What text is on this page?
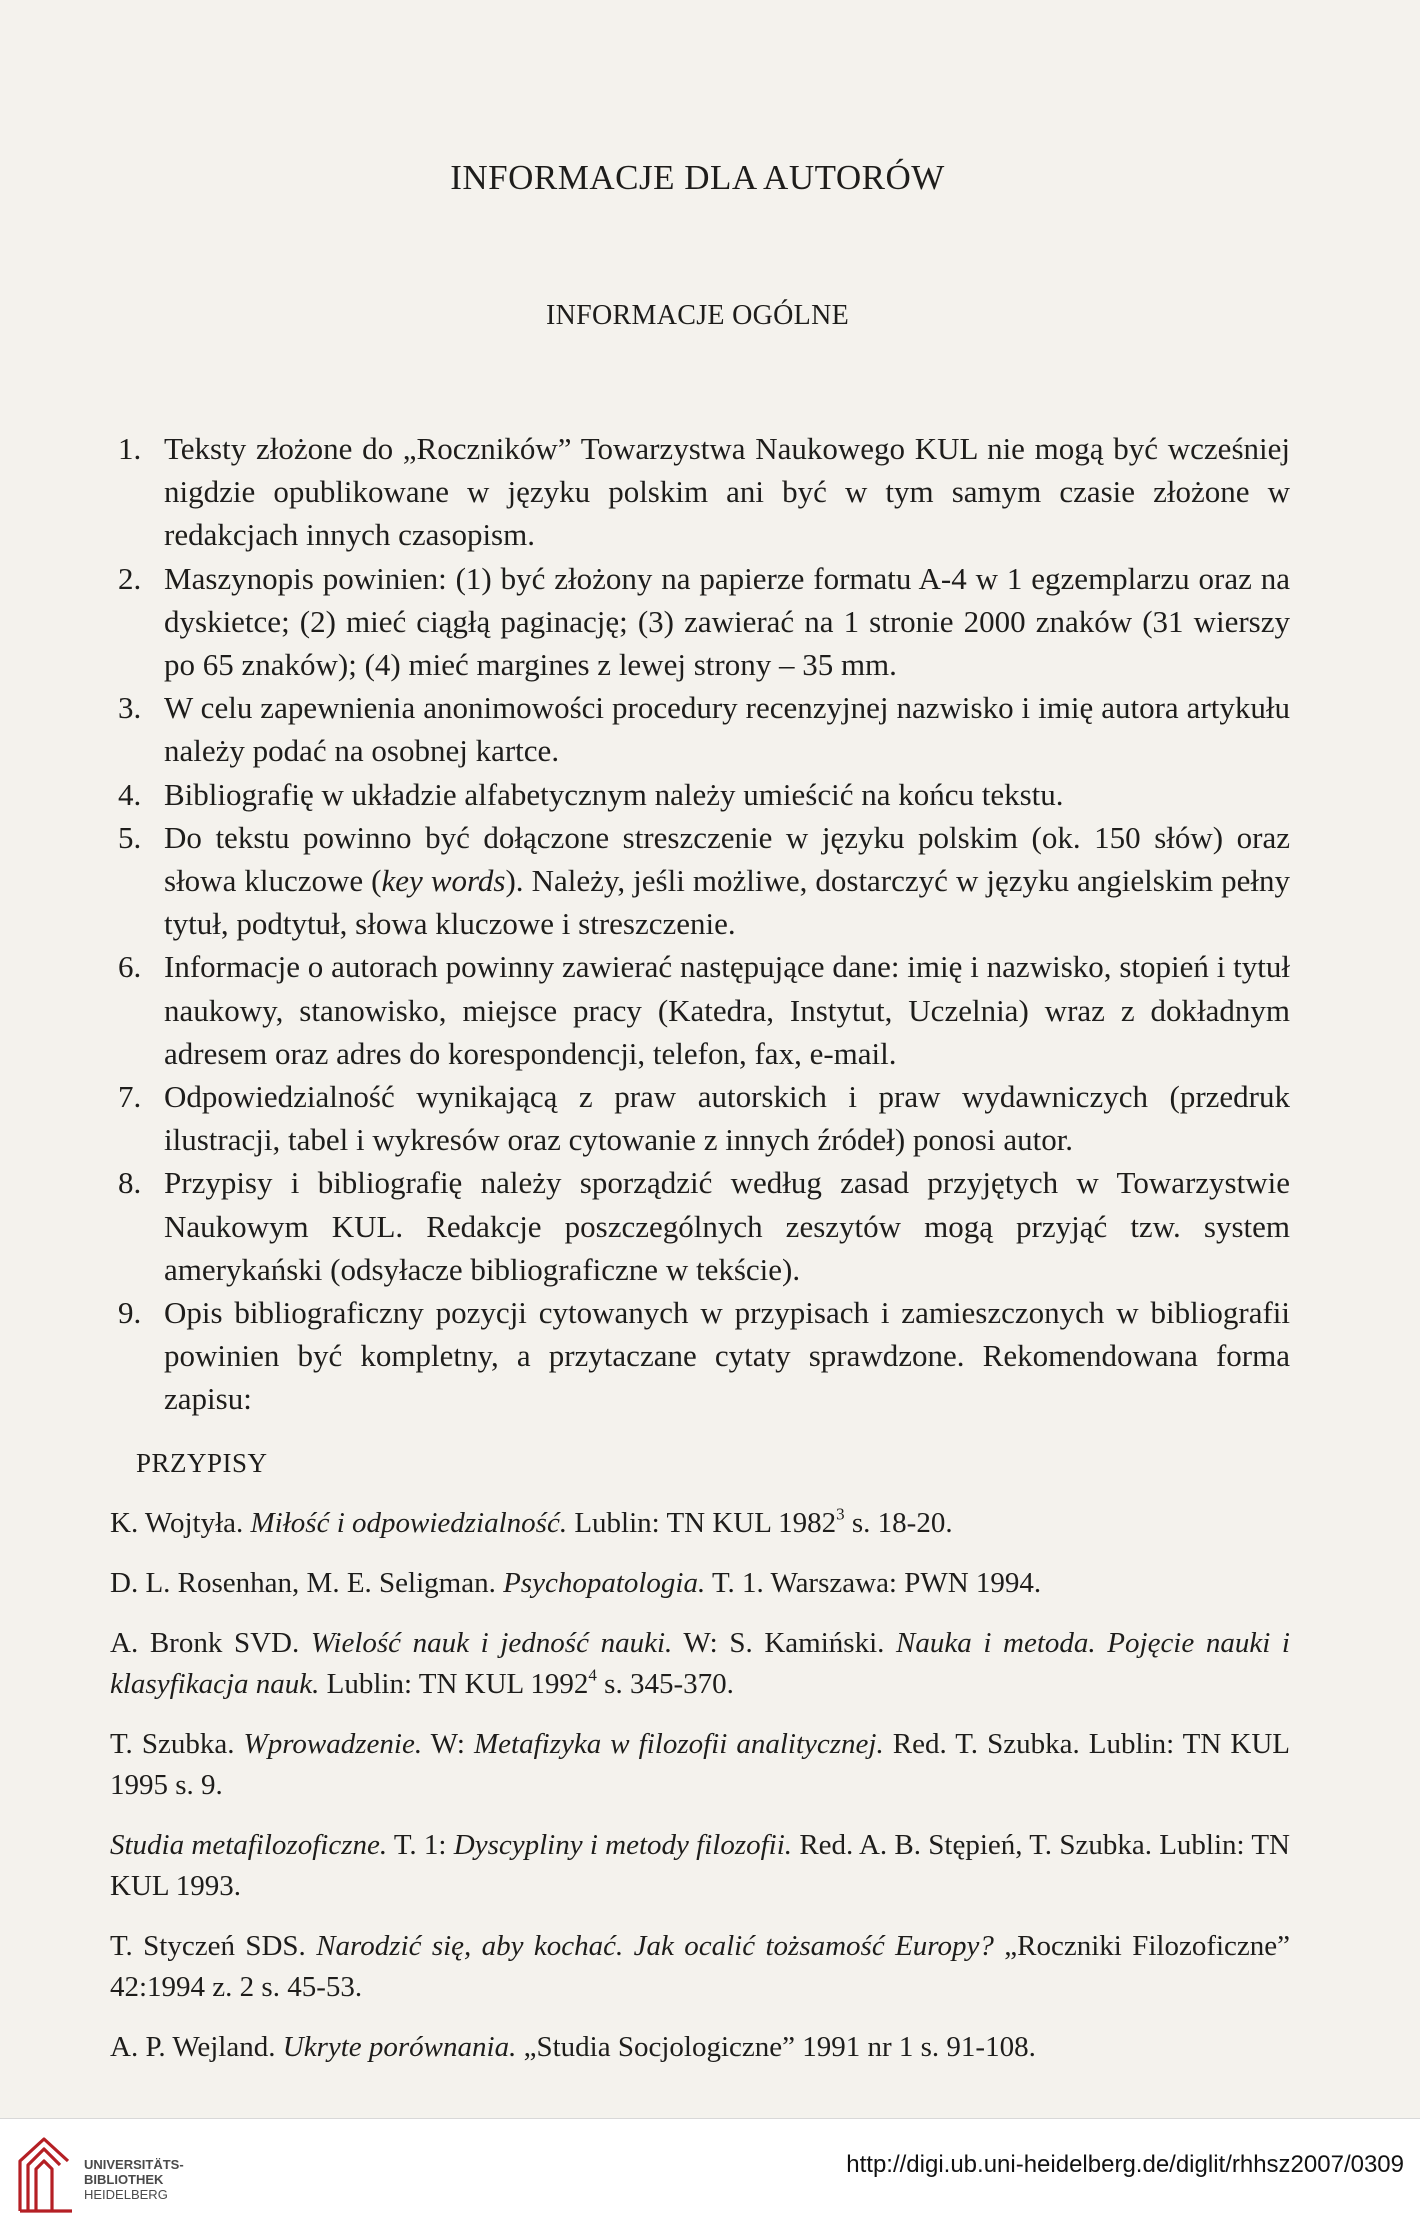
INFORMACJE DLA AUTORÓW
INFORMACJE OGÓLNE

1. Teksty złożone do „Roczników” Towarzystwa Naukowego KUL nie mogą być wcześniej nigdzie opublikowane w języku polskim ani być w tym samym czasie złożone w redakcjach innych czasopism.

2. Maszynopis powinien: (1) być złożony na papierze formatu A-4 w 1 egzemplarzu oraz na dyskietce; (2) mieć ciągłą paginację; (3) zawierać na 1 stronie 2000 znaków (31 wierszy po 65 znaków); (4) mieć margines z lewej strony – 35 mm.

3. W celu zapewnienia anonimowości procedury recenzyjnej nazwisko i imię autora artykułu należy podać na osobnej kartce.

4. Bibliografię w układzie alfabetycznym należy umieścić na końcu tekstu.

5. Do tekstu powinno być dołączone streszczenie w języku polskim (ok. 150 słów) oraz słowa kluczowe (key words). Należy, jeśli możliwe, dostarczyć w języku angielskim pełny tytuł, podtytuł, słowa kluczowe i streszczenie.

6. Informacje o autorach powinny zawierać następujące dane: imię i nazwisko, stopień i tytuł naukowy, stanowisko, miejsce pracy (Katedra, Instytut, Uczelnia) wraz z dokładnym adresem oraz adres do korespondencji, telefon, fax, e-mail.

7. Odpowiedzialność wynikającą z praw autorskich i praw wydawniczych (przedruk ilustracji, tabel i wykresów oraz cytowanie z innych źródeł) ponosi autor.

8. Przypisy i bibliografię należy sporządzić według zasad przyjętych w Towarzystwie Naukowym KUL. Redakcje poszczególnych zeszytów mogą przyjąć tzw. system amerykański (odsyłacze bibliograficzne w tekście).

9. Opis bibliograficzny pozycji cytowanych w przypisach i zamieszczonych w bibliografii powinien być kompletny, a przytaczane cytaty sprawdzone. Rekomendowana forma zapisu:

PRZYPISY

K. Wojtyła. Miłość i odpowiedzialność. Lublin: TN KUL 1982$^3$ s. 18-20.

D. L. Rosenhan, M. E. Seligman. Psychopatologia. T. 1. Warszawa: PWN 1994.

A. Bronk SVD. Wielość nauk i jedność nauki. W: S. Kamiński. Nauka i metoda. Pojęcie nauki i klasyfikacja nauk. Lublin: TN KUL 1992$^4$ s. 345-370.

T. Szubka. Wprowadzenie. W: Metafizyka w filozofii analitycznej. Red. T. Szubka. Lublin: TN KUL 1995 s. 9.

Studia metafilozoficzne. T. 1: Dyscypliny i metody filozofii. Red. A. B. Stępień, T. Szubka. Lublin: TN KUL 1993.

T. Styczeń SDS. Narodzić się, aby kochać. Jak ocalić tożsamość Europy? „Roczniki Filozoficzne” 42:1994 z. 2 s. 45-53.

A. P. Wejland. Ukryte porównania. „Studia Socjologiczne” 1991 nr 1 s. 91-108.

UNIVERSITÄTS-
BIBLIOTHEK
HEIDELBERG
http://digi.ub.uni-heidelberg.de/diglit/rhhsz2007/0309
